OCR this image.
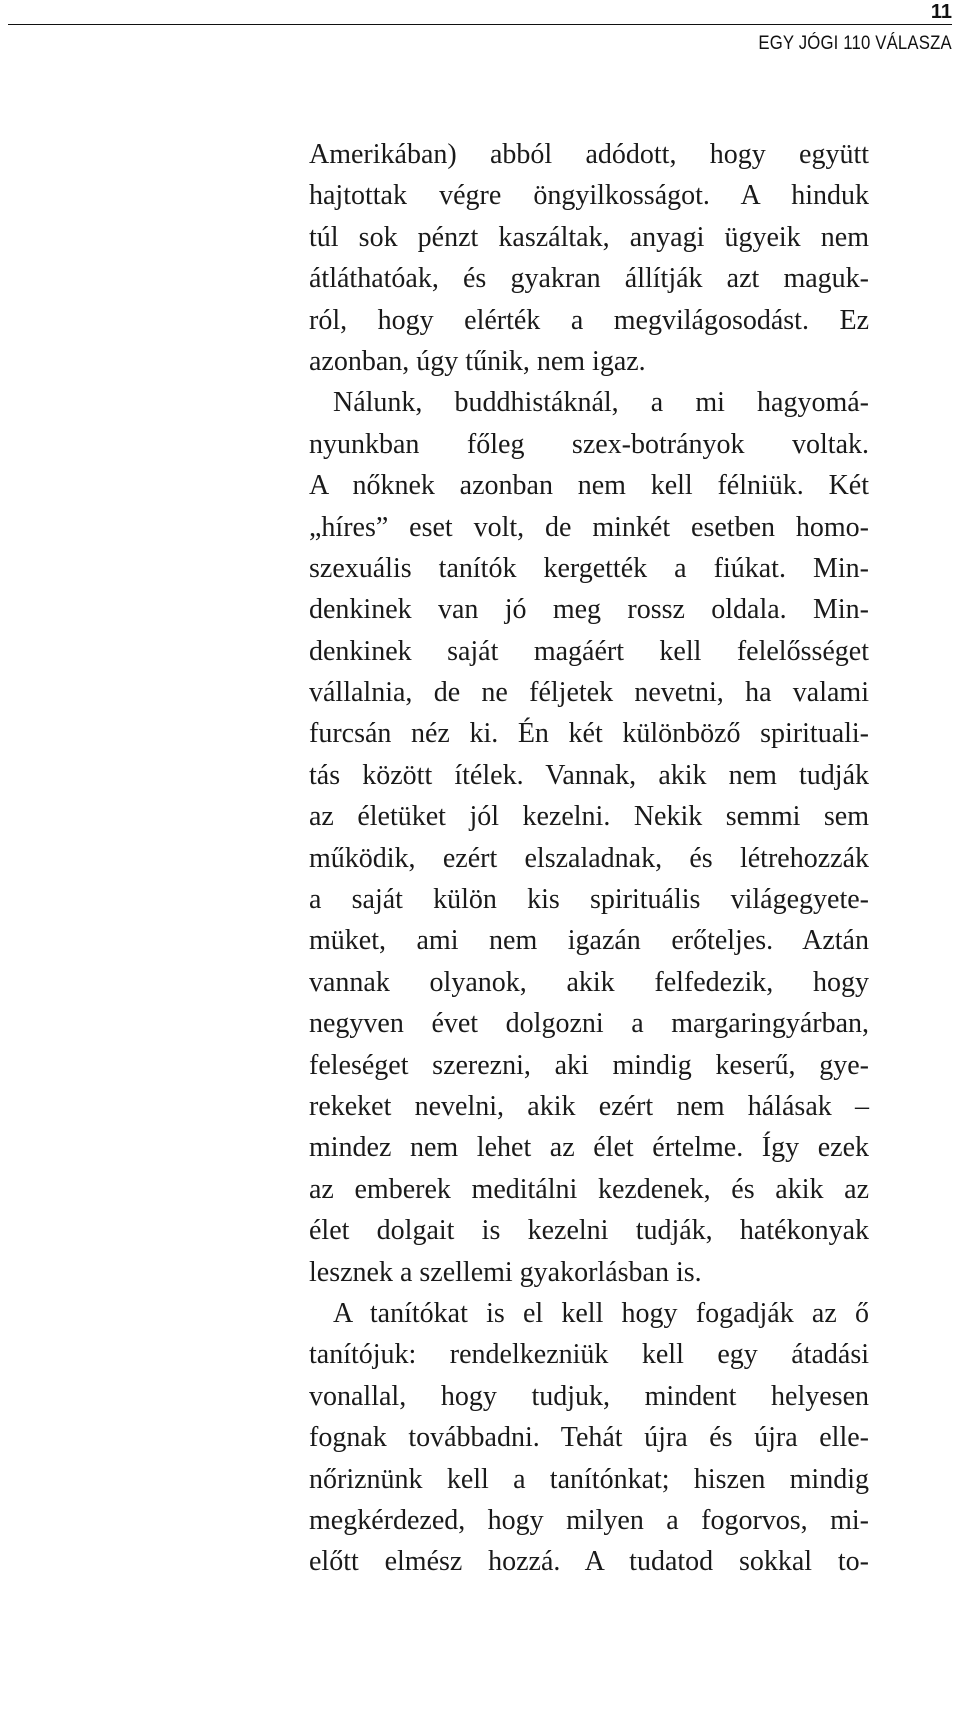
11
EGY JÓGI 110 VÁLASZA
Amerikában) abból adódott, hogy együtt
hajtottak végre öngyilkosságot. A hinduk
túl sok pénzt kaszáltak, anyagi ügyeik nem
átláthatóak, és gyakran állítják azt maguk-
ról, hogy elérték a megvilágosodást. Ez
azonban, úgy tűnik, nem igaz.
Nálunk, buddhistáknál, a mi hagyomá-
nyunkban főleg szex-botrányok voltak.
A nőknek azonban nem kell félniük. Két
„híres” eset volt, de minkét esetben homo-
szexuális tanítók kergették a fiúkat. Min-
denkinek van jó meg rossz oldala. Min-
denkinek saját magáért kell felelősséget
vállalnia, de ne féljetek nevetni, ha valami
furcsán néz ki. Én két különböző spirituali-
tás között ítélek. Vannak, akik nem tudják
az életüket jól kezelni. Nekik semmi sem
működik, ezért elszaladnak, és létrehozzák
a saját külön kis spirituális világegyete-
müket, ami nem igazán erőteljes. Aztán
vannak olyanok, akik felfedezik, hogy
negyven évet dolgozni a margaringyárban,
feleséget szerezni, aki mindig keserű, gye-
rekeket nevelni, akik ezért nem hálásak –
mindez nem lehet az élet értelme. Így ezek
az emberek meditálni kezdenek, és akik az
élet dolgait is kezelni tudják, hatékonyak
lesznek a szellemi gyakorlásban is.
A tanítókat is el kell hogy fogadják az ő
tanítójuk: rendelkezniük kell egy átadási
vonallal, hogy tudjuk, mindent helyesen
fognak továbbadni. Tehát újra és újra elle-
nőriznünk kell a tanítónkat; hiszen mindig
megkérdezed, hogy milyen a fogorvos, mi-
előtt elmész hozzá. A tudatod sokkal to-
